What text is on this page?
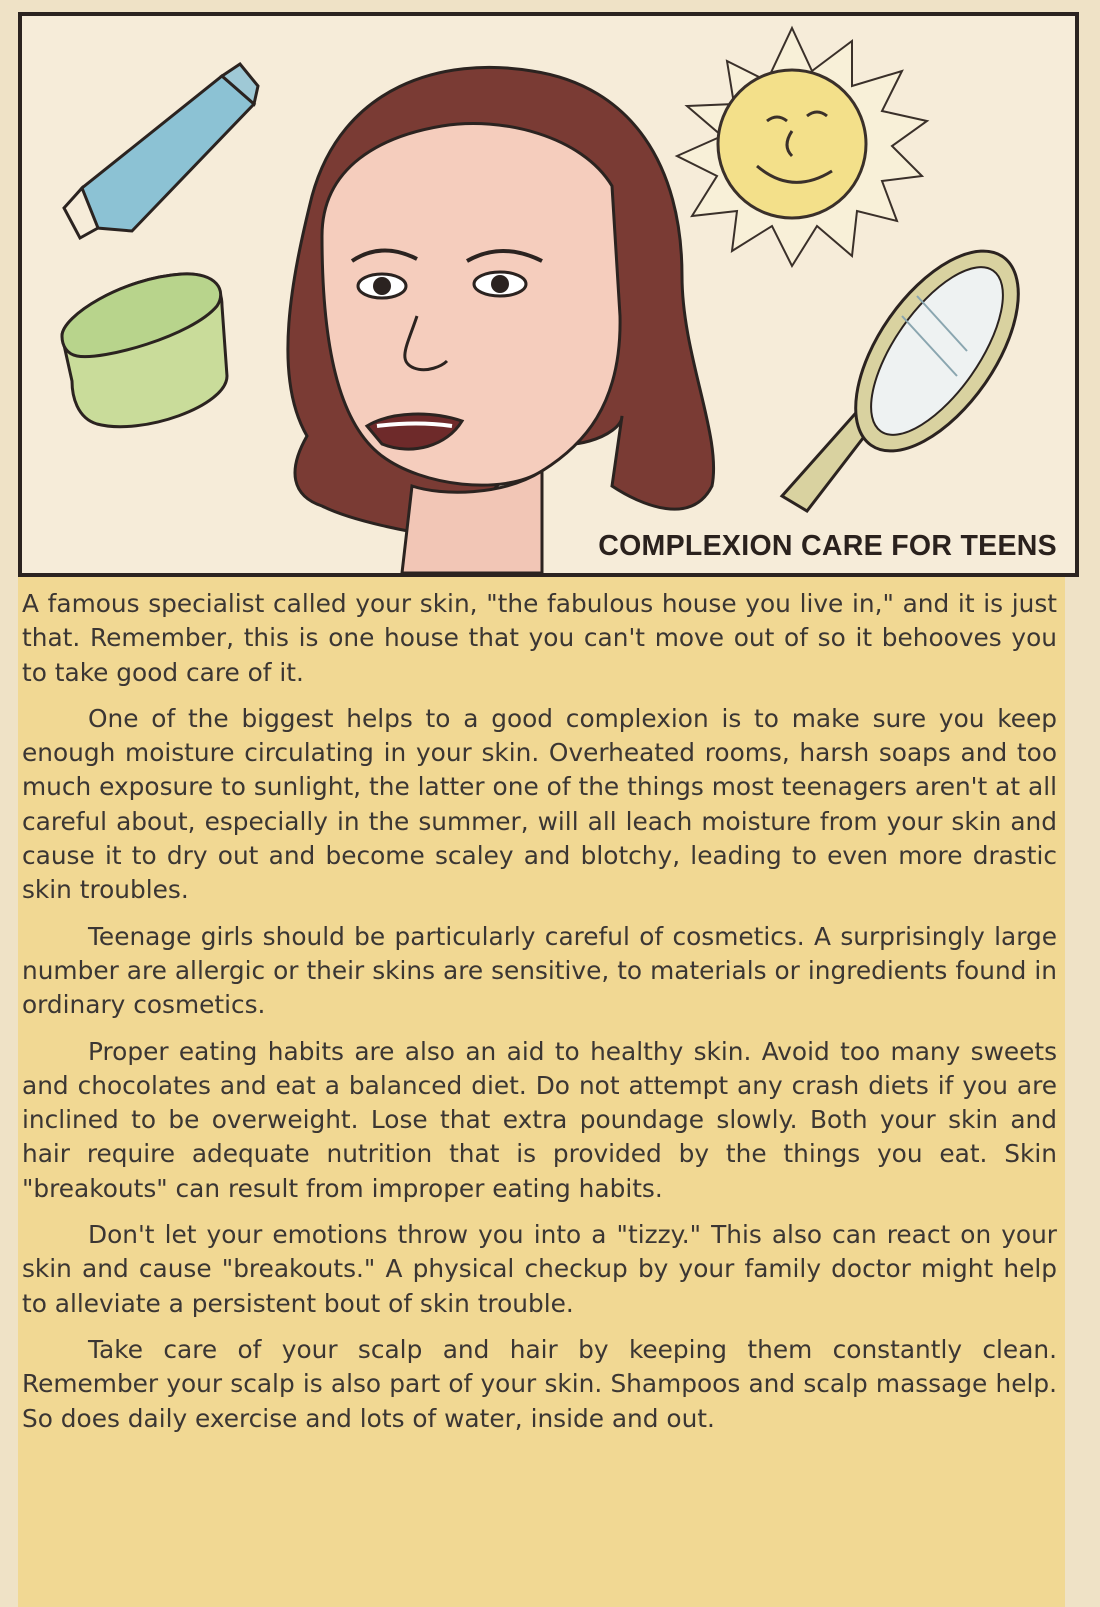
COMPLEXION CARE FOR TEENS

A famous specialist called your skin, "the fabulous house you live in," and it is just that. Remember, this is one house that you can't move out of so it behooves you to take good care of it.

One of the biggest helps to a good complexion is to make sure you keep enough moisture circulating in your skin. Overheated rooms, harsh soaps and too much exposure to sunlight, the latter one of the things most teenagers aren't at all careful about, especially in the summer, will all leach moisture from your skin and cause it to dry out and become scaley and blotchy, leading to even more drastic skin troubles.

Teenage girls should be particularly careful of cosmetics. A surprisingly large number are allergic or their skins are sensitive, to materials or ingredients found in ordinary cosmetics.

Proper eating habits are also an aid to healthy skin. Avoid too many sweets and chocolates and eat a balanced diet. Do not attempt any crash diets if you are inclined to be overweight. Lose that extra poundage slowly. Both your skin and hair require adequate nutrition that is provided by the things you eat. Skin "breakouts" can result from improper eating habits.

Don't let your emotions throw you into a "tizzy." This also can react on your skin and cause "breakouts." A physical checkup by your family doctor might help to alleviate a persistent bout of skin trouble.

Take care of your scalp and hair by keeping them constantly clean. Remember your scalp is also part of your skin. Shampoos and scalp massage help. So does daily exercise and lots of water, inside and out.
